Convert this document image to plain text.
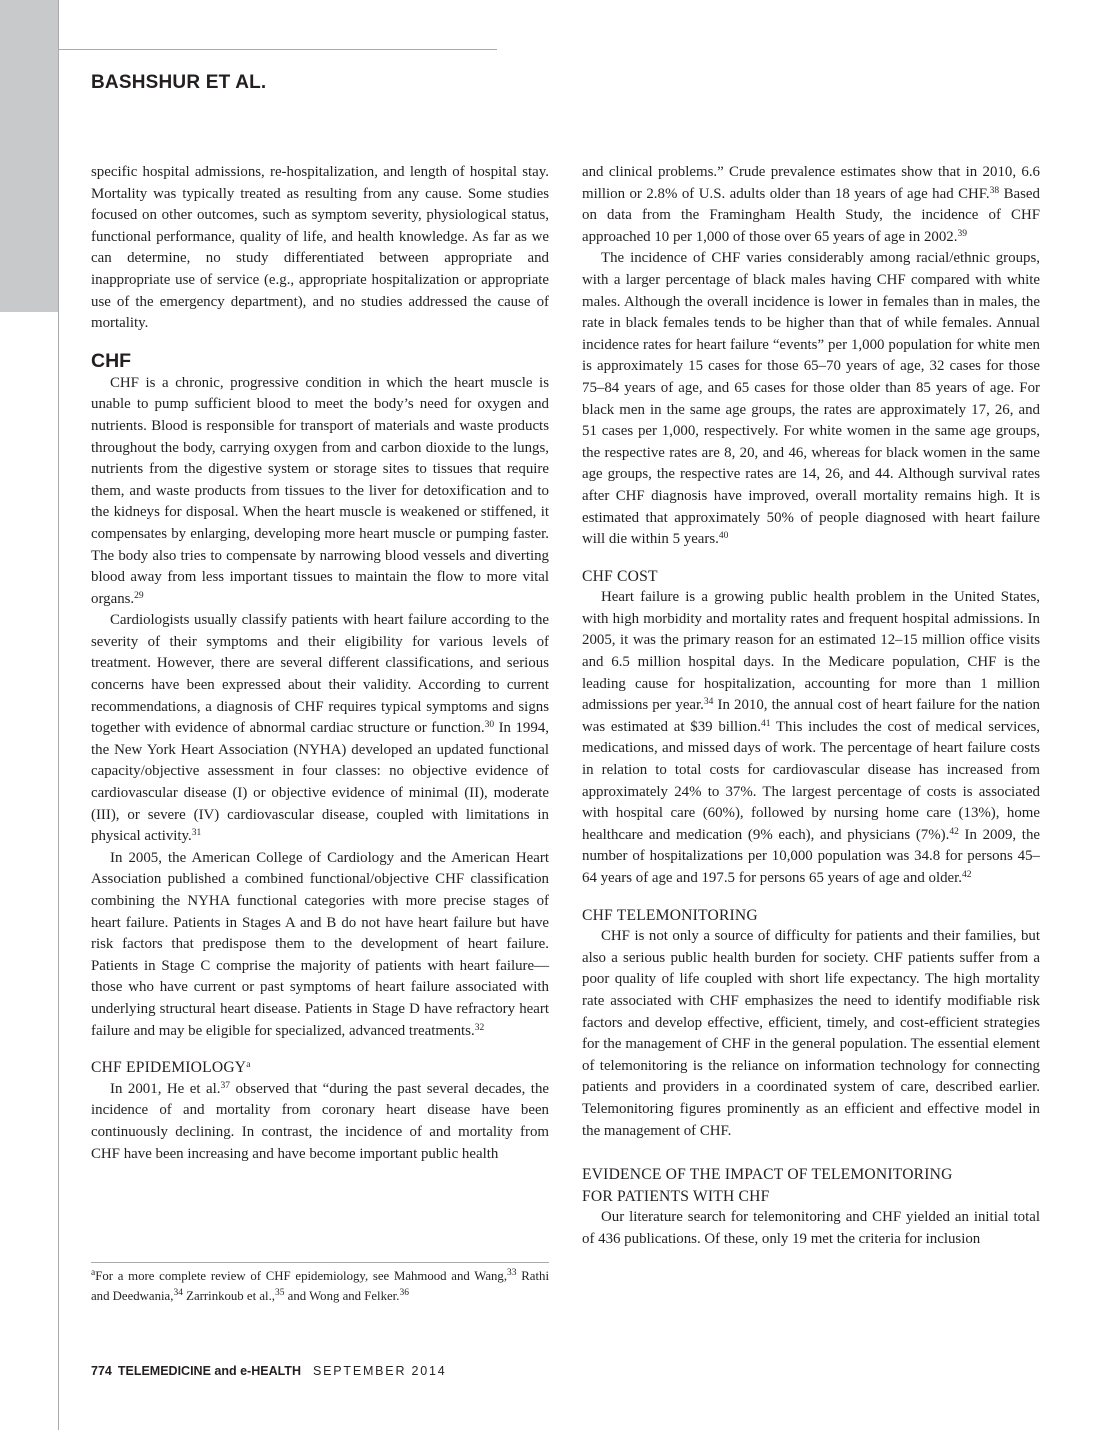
BASHSHUR ET AL.

specific hospital admissions, re-hospitalization, and length of hospital stay. Mortality was typically treated as resulting from any cause. Some studies focused on other outcomes, such as symptom severity, physiological status, functional performance, quality of life, and health knowledge. As far as we can determine, no study differentiated between appropriate and inappropriate use of service (e.g., appropriate hospitalization or appropriate use of the emergency department), and no studies addressed the cause of mortality.

CHF

CHF is a chronic, progressive condition in which the heart muscle is unable to pump sufficient blood to meet the body’s need for oxygen and nutrients. Blood is responsible for transport of materials and waste products throughout the body, carrying oxygen from and carbon dioxide to the lungs, nutrients from the digestive system or storage sites to tissues that require them, and waste products from tissues to the liver for detoxification and to the kidneys for disposal. When the heart muscle is weakened or stiffened, it compensates by enlarging, developing more heart muscle or pumping faster. The body also tries to compensate by narrowing blood vessels and diverting blood away from less important tissues to maintain the flow to more vital organs.$^{29}$

Cardiologists usually classify patients with heart failure according to the severity of their symptoms and their eligibility for various levels of treatment. However, there are several different classifications, and serious concerns have been expressed about their validity. According to current recommendations, a diagnosis of CHF requires typical symptoms and signs together with evidence of abnormal cardiac structure or function.$^{30}$ In 1994, the New York Heart Association (NYHA) developed an updated functional capacity/objective assessment in four classes: no objective evidence of cardiovascular disease (I) or objective evidence of minimal (II), moderate (III), or severe (IV) cardiovascular disease, coupled with limitations in physical activity.$^{31}$

In 2005, the American College of Cardiology and the American Heart Association published a combined functional/objective CHF classification combining the NYHA functional categories with more precise stages of heart failure. Patients in Stages A and B do not have heart failure but have risk factors that predispose them to the development of heart failure. Patients in Stage C comprise the majority of patients with heart failure—those who have current or past symptoms of heart failure associated with underlying structural heart disease. Patients in Stage D have refractory heart failure and may be eligible for specialized, advanced treatments.$^{32}$

CHF EPIDEMIOLOGY$^a$

In 2001, He et al.$^{37}$ observed that “during the past several decades, the incidence of and mortality from coronary heart disease have been continuously declining. In contrast, the incidence of and mortality from CHF have been increasing and have become important public health

$^a$For a more complete review of CHF epidemiology, see Mahmood and Wang,$^{33}$ Rathi and Deedwania,$^{34}$ Zarrinkoub et al.,$^{35}$ and Wong and Felker.$^{36}$

and clinical problems.” Crude prevalence estimates show that in 2010, 6.6 million or 2.8% of U.S. adults older than 18 years of age had CHF.$^{38}$ Based on data from the Framingham Health Study, the incidence of CHF approached 10 per 1,000 of those over 65 years of age in 2002.39

The incidence of CHF varies considerably among racial/ethnic groups, with a larger percentage of black males having CHF compared with white males. Although the overall incidence is lower in females than in males, the rate in black females tends to be higher than that of while females. Annual incidence rates for heart failure “events” per 1,000 population for white men is approximately 15 cases for those 65–70 years of age, 32 cases for those 75–84 years of age, and 65 cases for those older than 85 years of age. For black men in the same age groups, the rates are approximately 17, 26, and 51 cases per 1,000, respectively. For white women in the same age groups, the respective rates are 8, 20, and 46, whereas for black women in the same age groups, the respective rates are 14, 26, and 44. Although survival rates after CHF diagnosis have improved, overall mortality remains high. It is estimated that approximately 50% of people diagnosed with heart failure will die within 5 years.$^{40}$

CHF COST

Heart failure is a growing public health problem in the United States, with high morbidity and mortality rates and frequent hospital admissions. In 2005, it was the primary reason for an estimated 12–15 million office visits and 6.5 million hospital days. In the Medicare population, CHF is the leading cause for hospitalization, accounting for more than 1 million admissions per year.$^{34}$ In 2010, the annual cost of heart failure for the nation was estimated at $39 billion.$^{41}$ This includes the cost of medical services, medications, and missed days of work. The percentage of heart failure costs in relation to total costs for cardiovascular disease has increased from approximately 24% to 37%. The largest percentage of costs is associated with hospital care (60%), followed by nursing home care (13%), home healthcare and medication (9% each), and physicians (7%).$^{42}$ In 2009, the number of hospitalizations per 10,000 population was 34.8 for persons 45–64 years of age and 197.5 for persons 65 years of age and older.$^{42}$

CHF TELEMONITORING

CHF is not only a source of difficulty for patients and their families, but also a serious public health burden for society. CHF patients suffer from a poor quality of life coupled with short life expectancy. The high mortality rate associated with CHF emphasizes the need to identify modifiable risk factors and develop effective, efficient, timely, and cost-efficient strategies for the management of CHF in the general population. The essential element of telemonitoring is the reliance on information technology for connecting patients and providers in a coordinated system of care, described earlier. Telemonitoring figures prominently as an efficient and effective model in the management of CHF.

EVIDENCE OF THE IMPACT OF TELEMONITORING
FOR PATIENTS WITH CHF

Our literature search for telemonitoring and CHF yielded an initial total of 436 publications. Of these, only 19 met the criteria for inclusion

774 TELEMEDICINE and e-HEALTH SEPTEMBER 2014
